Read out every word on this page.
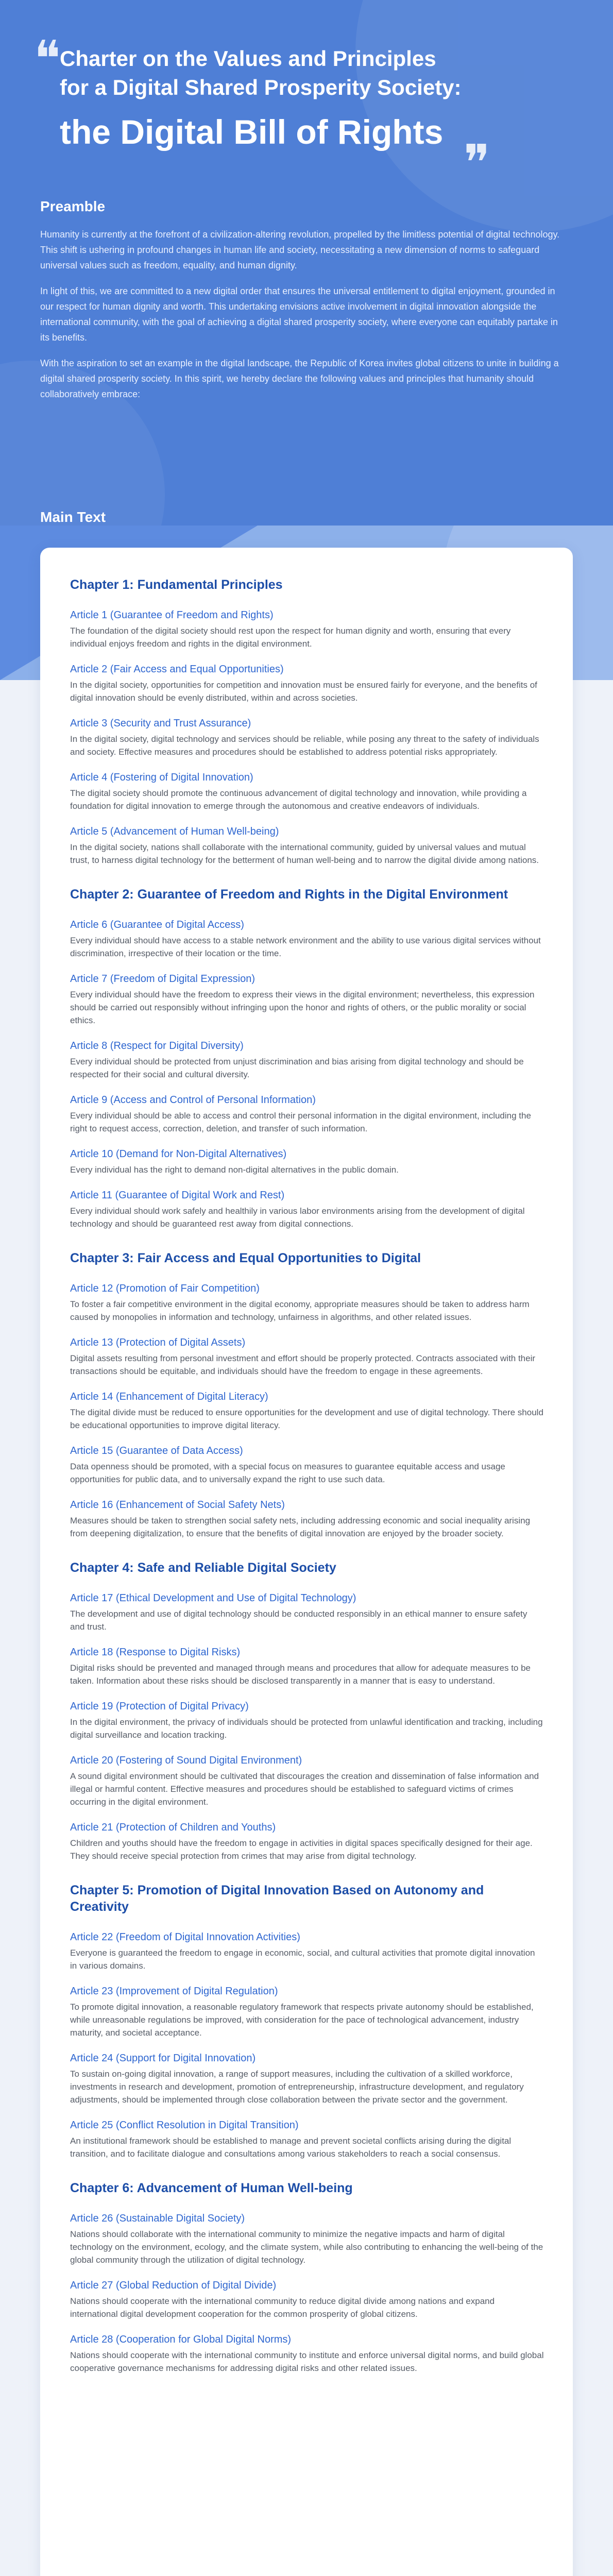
❝
Charter on the Values and Principles
for a Digital Shared Prosperity Society:
the Digital Bill of Rights
❞
Preamble

Humanity is currently at the forefront of a civilization-altering revolution, propelled by the limitless potential of digital technology. This shift is ushering in profound changes in human life and society, necessitating a new dimension of norms to safeguard universal values such as freedom, equality, and human dignity.

In light of this, we are committed to a new digital order that ensures the universal entitlement to digital enjoyment, grounded in our respect for human dignity and worth. This undertaking envisions active involvement in digital innovation alongside the international community, with the goal of achieving a digital shared prosperity society, where everyone can equitably partake in its benefits.

With the aspiration to set an example in the digital landscape, the Republic of Korea invites global citizens to unite in building a digital shared prosperity society. In this spirit, we hereby declare the following values and principles that humanity should collaboratively embrace:

Main Text
Chapter 1: Fundamental Principles
Article 1 (Guarantee of Freedom and Rights)

The foundation of the digital society should rest upon the respect for human dignity and worth, ensuring that every individual enjoys freedom and rights in the digital environment.

Article 2 (Fair Access and Equal Opportunities)

In the digital society, opportunities for competition and innovation must be ensured fairly for everyone, and the benefits of digital innovation should be evenly distributed, within and across societies.

Article 3 (Security and Trust Assurance)

In the digital society, digital technology and services should be reliable, while posing any threat to the safety of individuals and society. Effective measures and procedures should be established to address potential risks appropriately.

Article 4 (Fostering of Digital Innovation)

The digital society should promote the continuous advancement of digital technology and innovation, while providing a foundation for digital innovation to emerge through the autonomous and creative endeavors of individuals.

Article 5 (Advancement of Human Well-being)

In the digital society, nations shall collaborate with the international community, guided by universal values and mutual trust, to harness digital technology for the betterment of human well-being and to narrow the digital divide among nations.

Chapter 2: Guarantee of Freedom and Rights in the Digital Environment
Article 6 (Guarantee of Digital Access)

Every individual should have access to a stable network environment and the ability to use various digital services without discrimination, irrespective of their location or the time.

Article 7 (Freedom of Digital Expression)

Every individual should have the freedom to express their views in the digital environment; nevertheless, this expression should be carried out responsibly without infringing upon the honor and rights of others, or the public morality or social ethics.

Article 8 (Respect for Digital Diversity)

Every individual should be protected from unjust discrimination and bias arising from digital technology and should be respected for their social and cultural diversity.

Article 9 (Access and Control of Personal Information)

Every individual should be able to access and control their personal information in the digital environment, including the right to request access, correction, deletion, and transfer of such information.

Article 10 (Demand for Non-Digital Alternatives)

Every individual has the right to demand non-digital alternatives in the public domain.

Article 11 (Guarantee of Digital Work and Rest)

Every individual should work safely and healthily in various labor environments arising from the development of digital technology and should be guaranteed rest away from digital connections.

Chapter 3: Fair Access and Equal Opportunities to Digital
Article 12 (Promotion of Fair Competition)

To foster a fair competitive environment in the digital economy, appropriate measures should be taken to address harm caused by monopolies in information and technology, unfairness in algorithms, and other related issues.

Article 13 (Protection of Digital Assets)

Digital assets resulting from personal investment and effort should be properly protected. Contracts associated with their transactions should be equitable, and individuals should have the freedom to engage in these agreements.

Article 14 (Enhancement of Digital Literacy)

The digital divide must be reduced to ensure opportunities for the development and use of digital technology. There should be educational opportunities to improve digital literacy.

Article 15 (Guarantee of Data Access)

Data openness should be promoted, with a special focus on measures to guarantee equitable access and usage opportunities for public data, and to universally expand the right to use such data.

Article 16 (Enhancement of Social Safety Nets)

Measures should be taken to strengthen social safety nets, including addressing economic and social inequality arising from deepening digitalization, to ensure that the benefits of digital innovation are enjoyed by the broader society.

Chapter 4: Safe and Reliable Digital Society
Article 17 (Ethical Development and Use of Digital Technology)

The development and use of digital technology should be conducted responsibly in an ethical manner to ensure safety and trust.

Article 18 (Response to Digital Risks)

Digital risks should be prevented and managed through means and procedures that allow for adequate measures to be taken. Information about these risks should be disclosed transparently in a manner that is easy to understand.

Article 19 (Protection of Digital Privacy)

In the digital environment, the privacy of individuals should be protected from unlawful identification and tracking, including digital surveillance and location tracking.

Article 20 (Fostering of Sound Digital Environment)

A sound digital environment should be cultivated that discourages the creation and dissemination of false information and illegal or harmful content. Effective measures and procedures should be established to safeguard victims of crimes occurring in the digital environment.

Article 21 (Protection of Children and Youths)

Children and youths should have the freedom to engage in activities in digital spaces specifically designed for their age. They should receive special protection from crimes that may arise from digital technology.

Chapter 5: Promotion of Digital Innovation Based on Autonomy and Creativity
Article 22 (Freedom of Digital Innovation Activities)

Everyone is guaranteed the freedom to engage in economic, social, and cultural activities that promote digital innovation in various domains.

Article 23 (Improvement of Digital Regulation)

To promote digital innovation, a reasonable regulatory framework that respects private autonomy should be established, while unreasonable regulations be improved, with consideration for the pace of technological advancement, industry maturity, and societal acceptance.

Article 24 (Support for Digital Innovation)

To sustain on-going digital innovation, a range of support measures, including the cultivation of a skilled workforce, investments in research and development, promotion of entrepreneurship, infrastructure development, and regulatory adjustments, should be implemented through close collaboration between the private sector and the government.

Article 25 (Conflict Resolution in Digital Transition)

An institutional framework should be established to manage and prevent societal conflicts arising during the digital transition, and to facilitate dialogue and consultations among various stakeholders to reach a social consensus.

Chapter 6: Advancement of Human Well-being
Article 26 (Sustainable Digital Society)

Nations should collaborate with the international community to minimize the negative impacts and harm of digital technology on the environment, ecology, and the climate system, while also contributing to enhancing the well-being of the global community through the utilization of digital technology.

Article 27 (Global Reduction of Digital Divide)

Nations should cooperate with the international community to reduce digital divide among nations and expand international digital development cooperation for the common prosperity of global citizens.

Article 28 (Cooperation for Global Digital Norms)

Nations should cooperate with the international community to institute and enforce universal digital norms, and build global cooperative governance mechanisms for addressing digital risks and other related issues.
